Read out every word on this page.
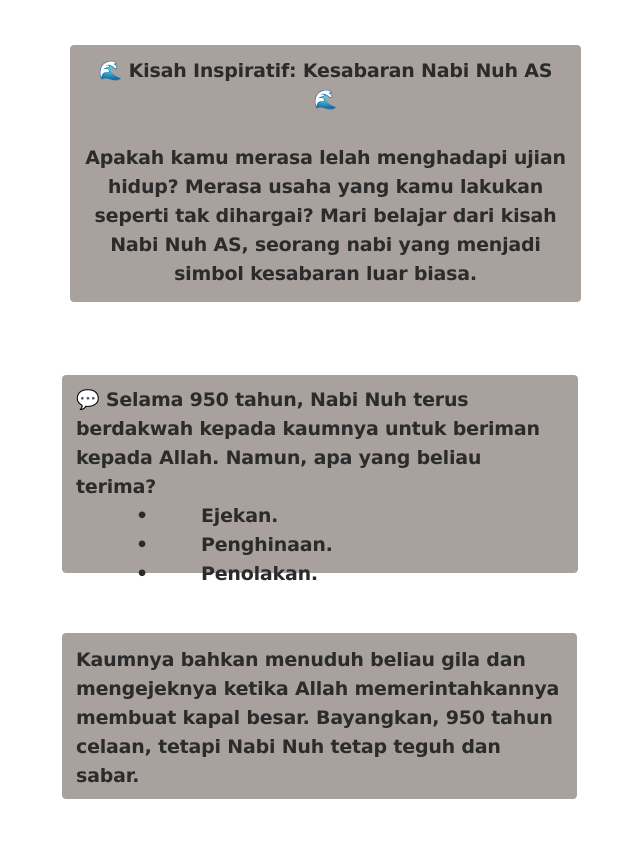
🌊 Kisah Inspiratif: Kesabaran Nabi Nuh AS
🌊
Apakah kamu merasa lelah menghadapi ujian hidup? Merasa usaha yang kamu lakukan seperti tak dihargai? Mari belajar dari kisah Nabi Nuh AS, seorang nabi yang menjadi simbol kesabaran luar biasa.
💬 Selama 950 tahun, Nabi Nuh terus berdakwah kepada kaumnya untuk beriman kepada Allah. Namun, apa yang beliau terima?
• Ejekan.
• Penghinaan.
• Penolakan.
Kaumnya bahkan menuduh beliau gila dan mengejeknya ketika Allah memerintahkannya membuat kapal besar. Bayangkan, 950 tahun celaan, tetapi Nabi Nuh tetap teguh dan sabar.
